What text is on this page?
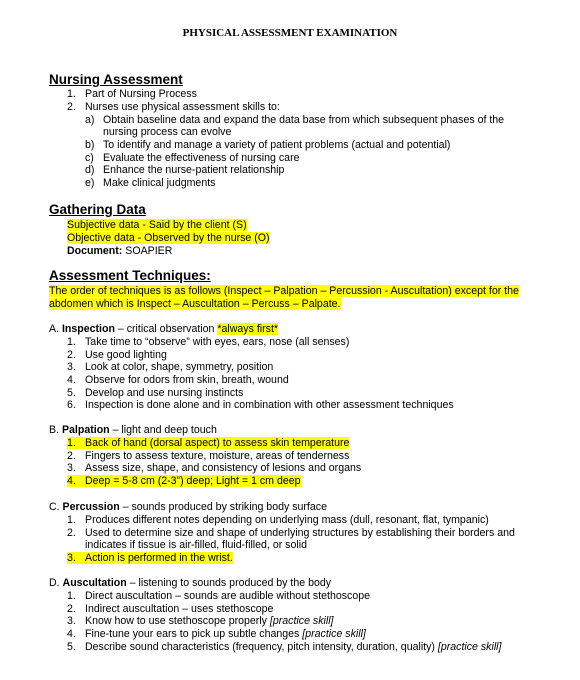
PHYSICAL ASSESSMENT EXAMINATION
Nursing Assessment
1. Part of Nursing Process
2. Nurses use physical assessment skills to:
a) Obtain baseline data and expand the data base from which subsequent phases of the
nursing process can evolve
b) To identify and manage a variety of patient problems (actual and potential)
c) Evaluate the effectiveness of nursing care
d) Enhance the nurse-patient relationship
e) Make clinical judgments
Gathering Data
Subjective data - Said by the client (S)
Objective data - Observed by the nurse (O)
Document: SOAPIER
Assessment Techniques:
The order of techniques is as follows (Inspect – Palpation – Percussion - Auscultation) except for the
abdomen which is Inspect – Auscultation – Percuss – Palpate.
A. Inspection – critical observation *always first*
1. Take time to “observe” with eyes, ears, nose (all senses)
2. Use good lighting
3. Look at color, shape, symmetry, position
4. Observe for odors from skin, breath, wound
5. Develop and use nursing instincts
6. Inspection is done alone and in combination with other assessment techniques
B. Palpation – light and deep touch
1. Back of hand (dorsal aspect) to assess skin temperature
2. Fingers to assess texture, moisture, areas of tenderness
3. Assess size, shape, and consistency of lesions and organs
4. Deep = 5-8 cm (2-3”) deep; Light = 1 cm deep
C. Percussion – sounds produced by striking body surface
1. Produces different notes depending on underlying mass (dull, resonant, flat, tympanic)
2. Used to determine size and shape of underlying structures by establishing their borders and
indicates if tissue is air-filled, fluid-filled, or solid
3. Action is performed in the wrist.
D. Auscultation – listening to sounds produced by the body
1. Direct auscultation – sounds are audible without stethoscope
2. Indirect auscultation – uses stethoscope
3. Know how to use stethoscope properly [practice skill]
4. Fine-tune your ears to pick up subtle changes [practice skill]
5. Describe sound characteristics (frequency, pitch intensity, duration, quality) [practice skill]
